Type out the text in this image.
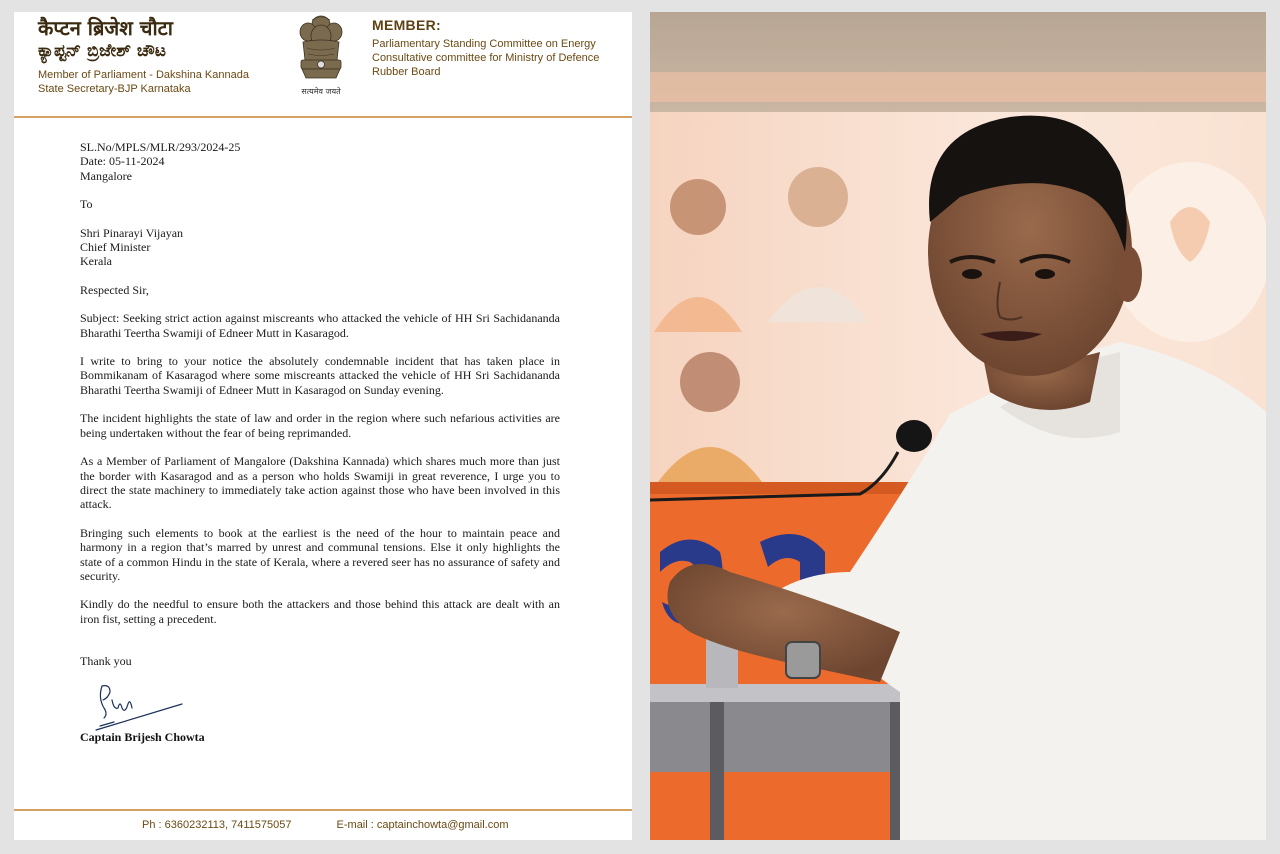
कैप्टन ब्रिजेश चौटा
ಕ್ಯಾಪ್ಟನ್ ಬ್ರಿಜೇಶ್ ಚೌಟ
Member of Parliament - Dakshina Kannada
State Secretary-BJP Karnataka	सत्यमेव जयते
MEMBER:
Parliamentary Standing Committee on Energy
Consultative committee for Ministry of Defence
Rubber Board

SL.No/MPLS/MLR/293/2024-25

Date: 05-11-2024

Mangalore

To

Shri Pinarayi Vijayan

Chief Minister

Kerala

Respected Sir,

Subject: Seeking strict action against miscreants who attacked the vehicle of HH Sri Sachidananda Bharathi Teertha Swamiji of Edneer Mutt in Kasaragod.

I write to bring to your notice the absolutely condemnable incident that has taken place in Bommikanam of Kasaragod where some miscreants attacked the vehicle of HH Sri Sachidananda Bharathi Teertha Swamiji of Edneer Mutt in Kasaragod on Sunday evening.

The incident highlights the state of law and order in the region where such nefarious activities are being undertaken without the fear of being reprimanded.

As a Member of Parliament of Mangalore (Dakshina Kannada) which shares much more than just the border with Kasaragod and as a person who holds Swamiji in great reverence, I urge you to direct the state machinery to immediately take action against those who have been involved in this attack.

Bringing such elements to book at the earliest is the need of the hour to maintain peace and harmony in a region that’s marred by unrest and communal tensions. Else it only highlights the state of a common Hindu in the state of Kerala, where a revered seer has no assurance of safety and security.

Kindly do the needful to ensure both the attackers and those behind this attack are dealt with an iron fist, setting a precedent.

Thank you

Captain Brijesh Chowta
Ph : 6360232113, 7411575057	E-mail : captainchowta@gmail.com
